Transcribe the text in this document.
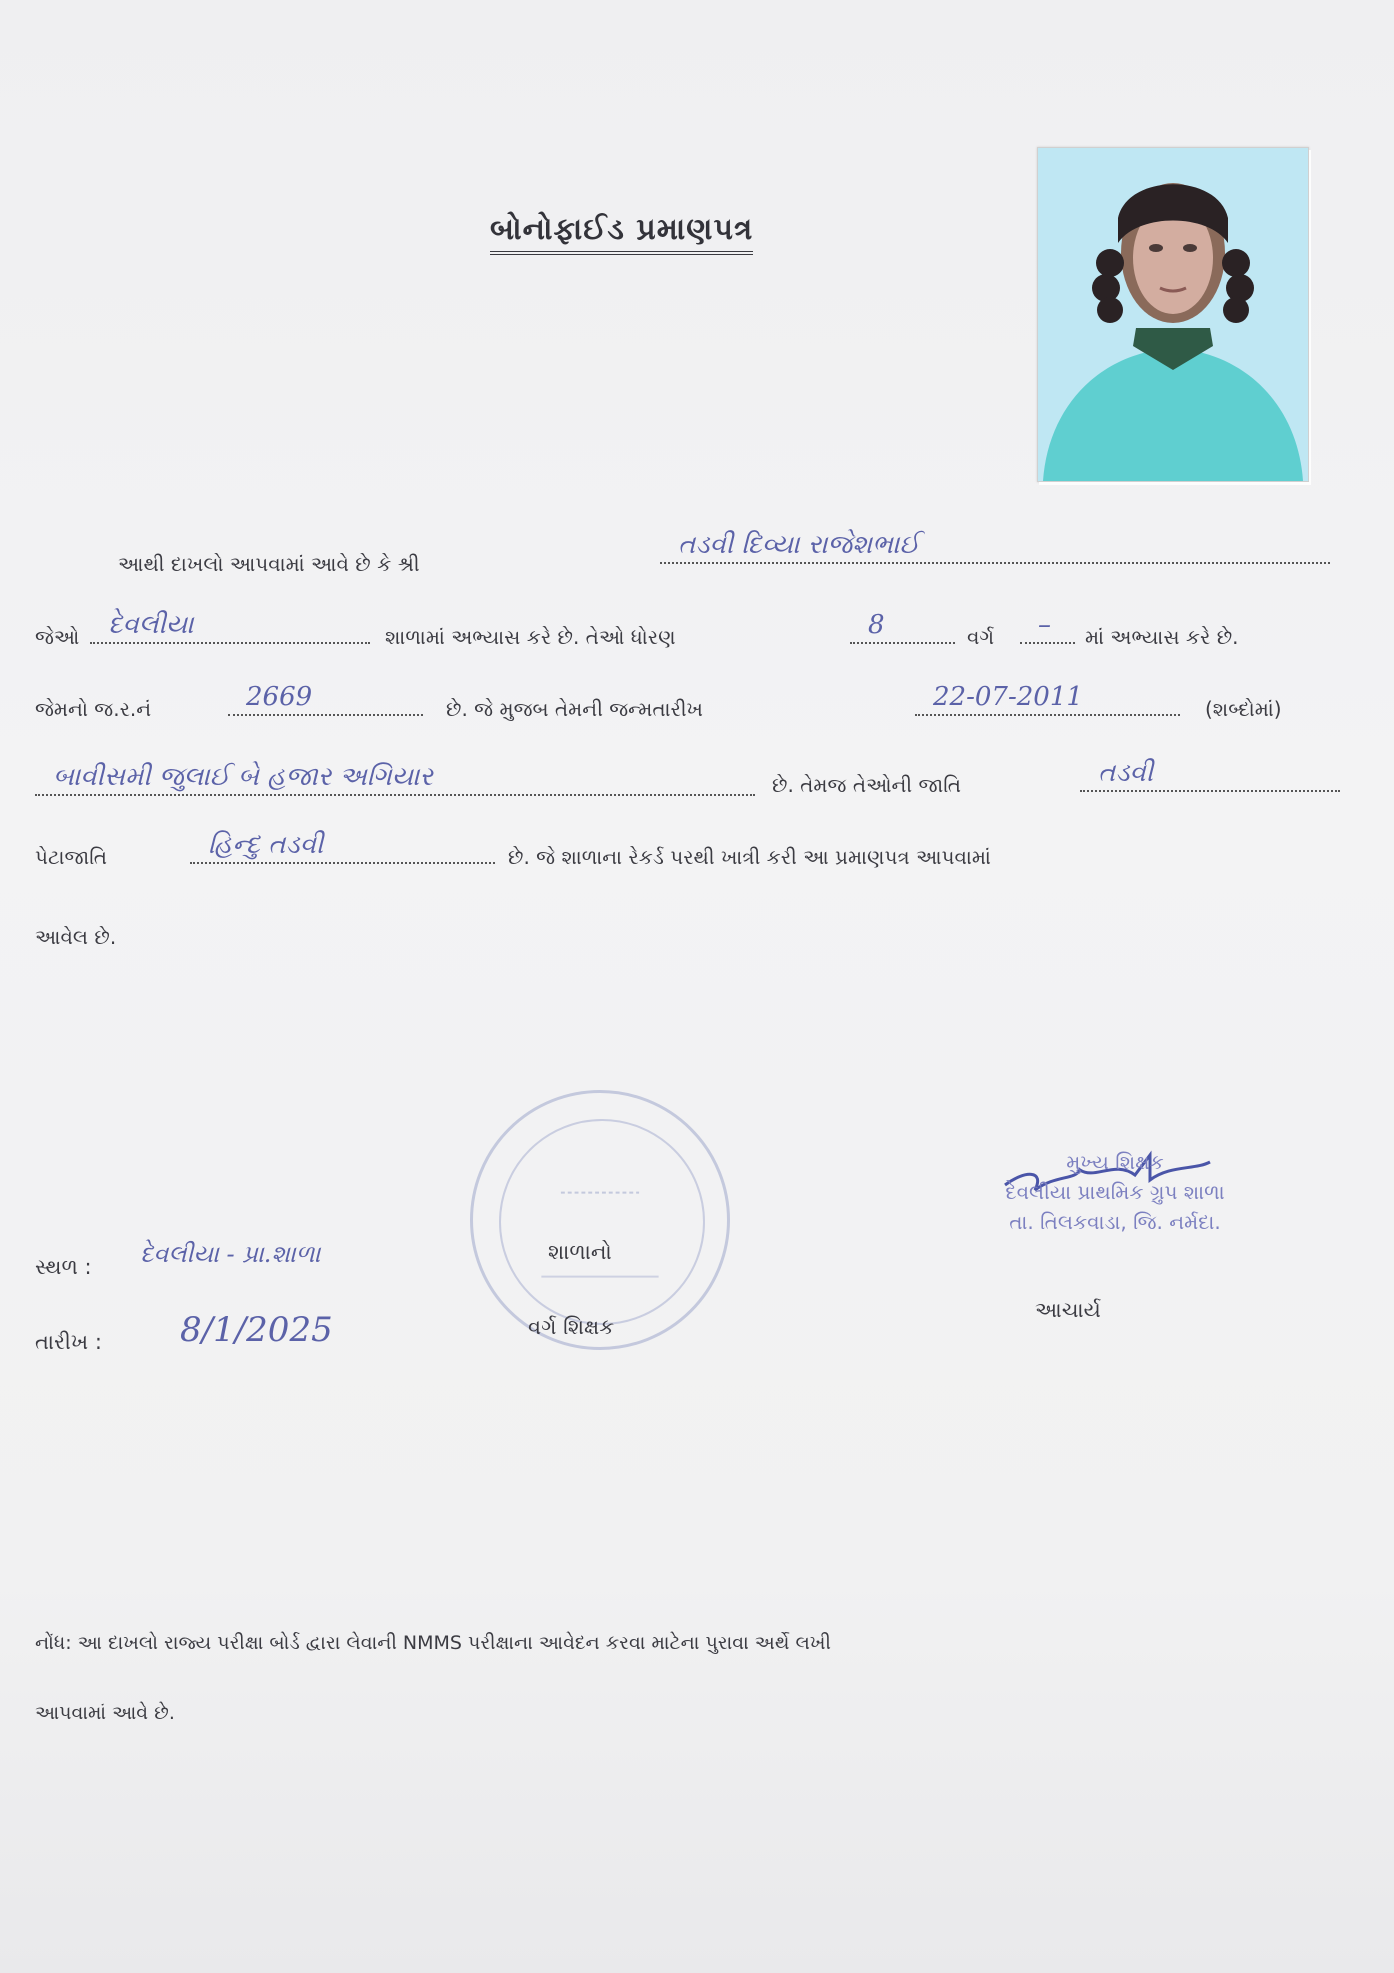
બોનોફાઈડ પ્રમાણપત્ર
આથી દાખલો આપવામાં આવે છે કે શ્રી
તડવી દિવ્યા રાજેશભાઈ
જેઓ	દેવલીયા	શાળામાં અભ્યાસ કરે છે. તેઓ ધોરણ	8	વર્ગ	–	માં અભ્યાસ કરે છે.
જેમનો જ.ર.નં	2669	છે. જે મુજબ તેમની જન્મતારીખ	22-07-2011	(શબ્દોમાં)
બાવીસમી જુલાઈ બે હજાર અગિયાર	છે. તેમજ તેઓની જાતિ	તડવી
પેટાજાતિ	હિન્દુ તડવી	છે. જે શાળાના રેકર્ડ પરથી ખાત્રી કરી આ પ્રમાણપત્ર આપવામાં
આવેલ છે.
સ્થળ : દેવલીયા - પ્રા.શાળા
તારીખ : 8/1/2025
શાળાનો
વર્ગ શિક્ષક
મુખ્ય શિક્ષક
દેવલીયા પ્રાથમિક ગ્રુપ શાળા
તા. તિલકવાડા, જિ. નર્મદા.
આચાર્ય
નોંધ: આ દાખલો રાજ્ય પરીક્ષા બોર્ડ દ્વારા લેવાની NMMS પરીક્ષાના આવેદન કરવા માટેના પુરાવા અર્થે લખી
આપવામાં આવે છે.
